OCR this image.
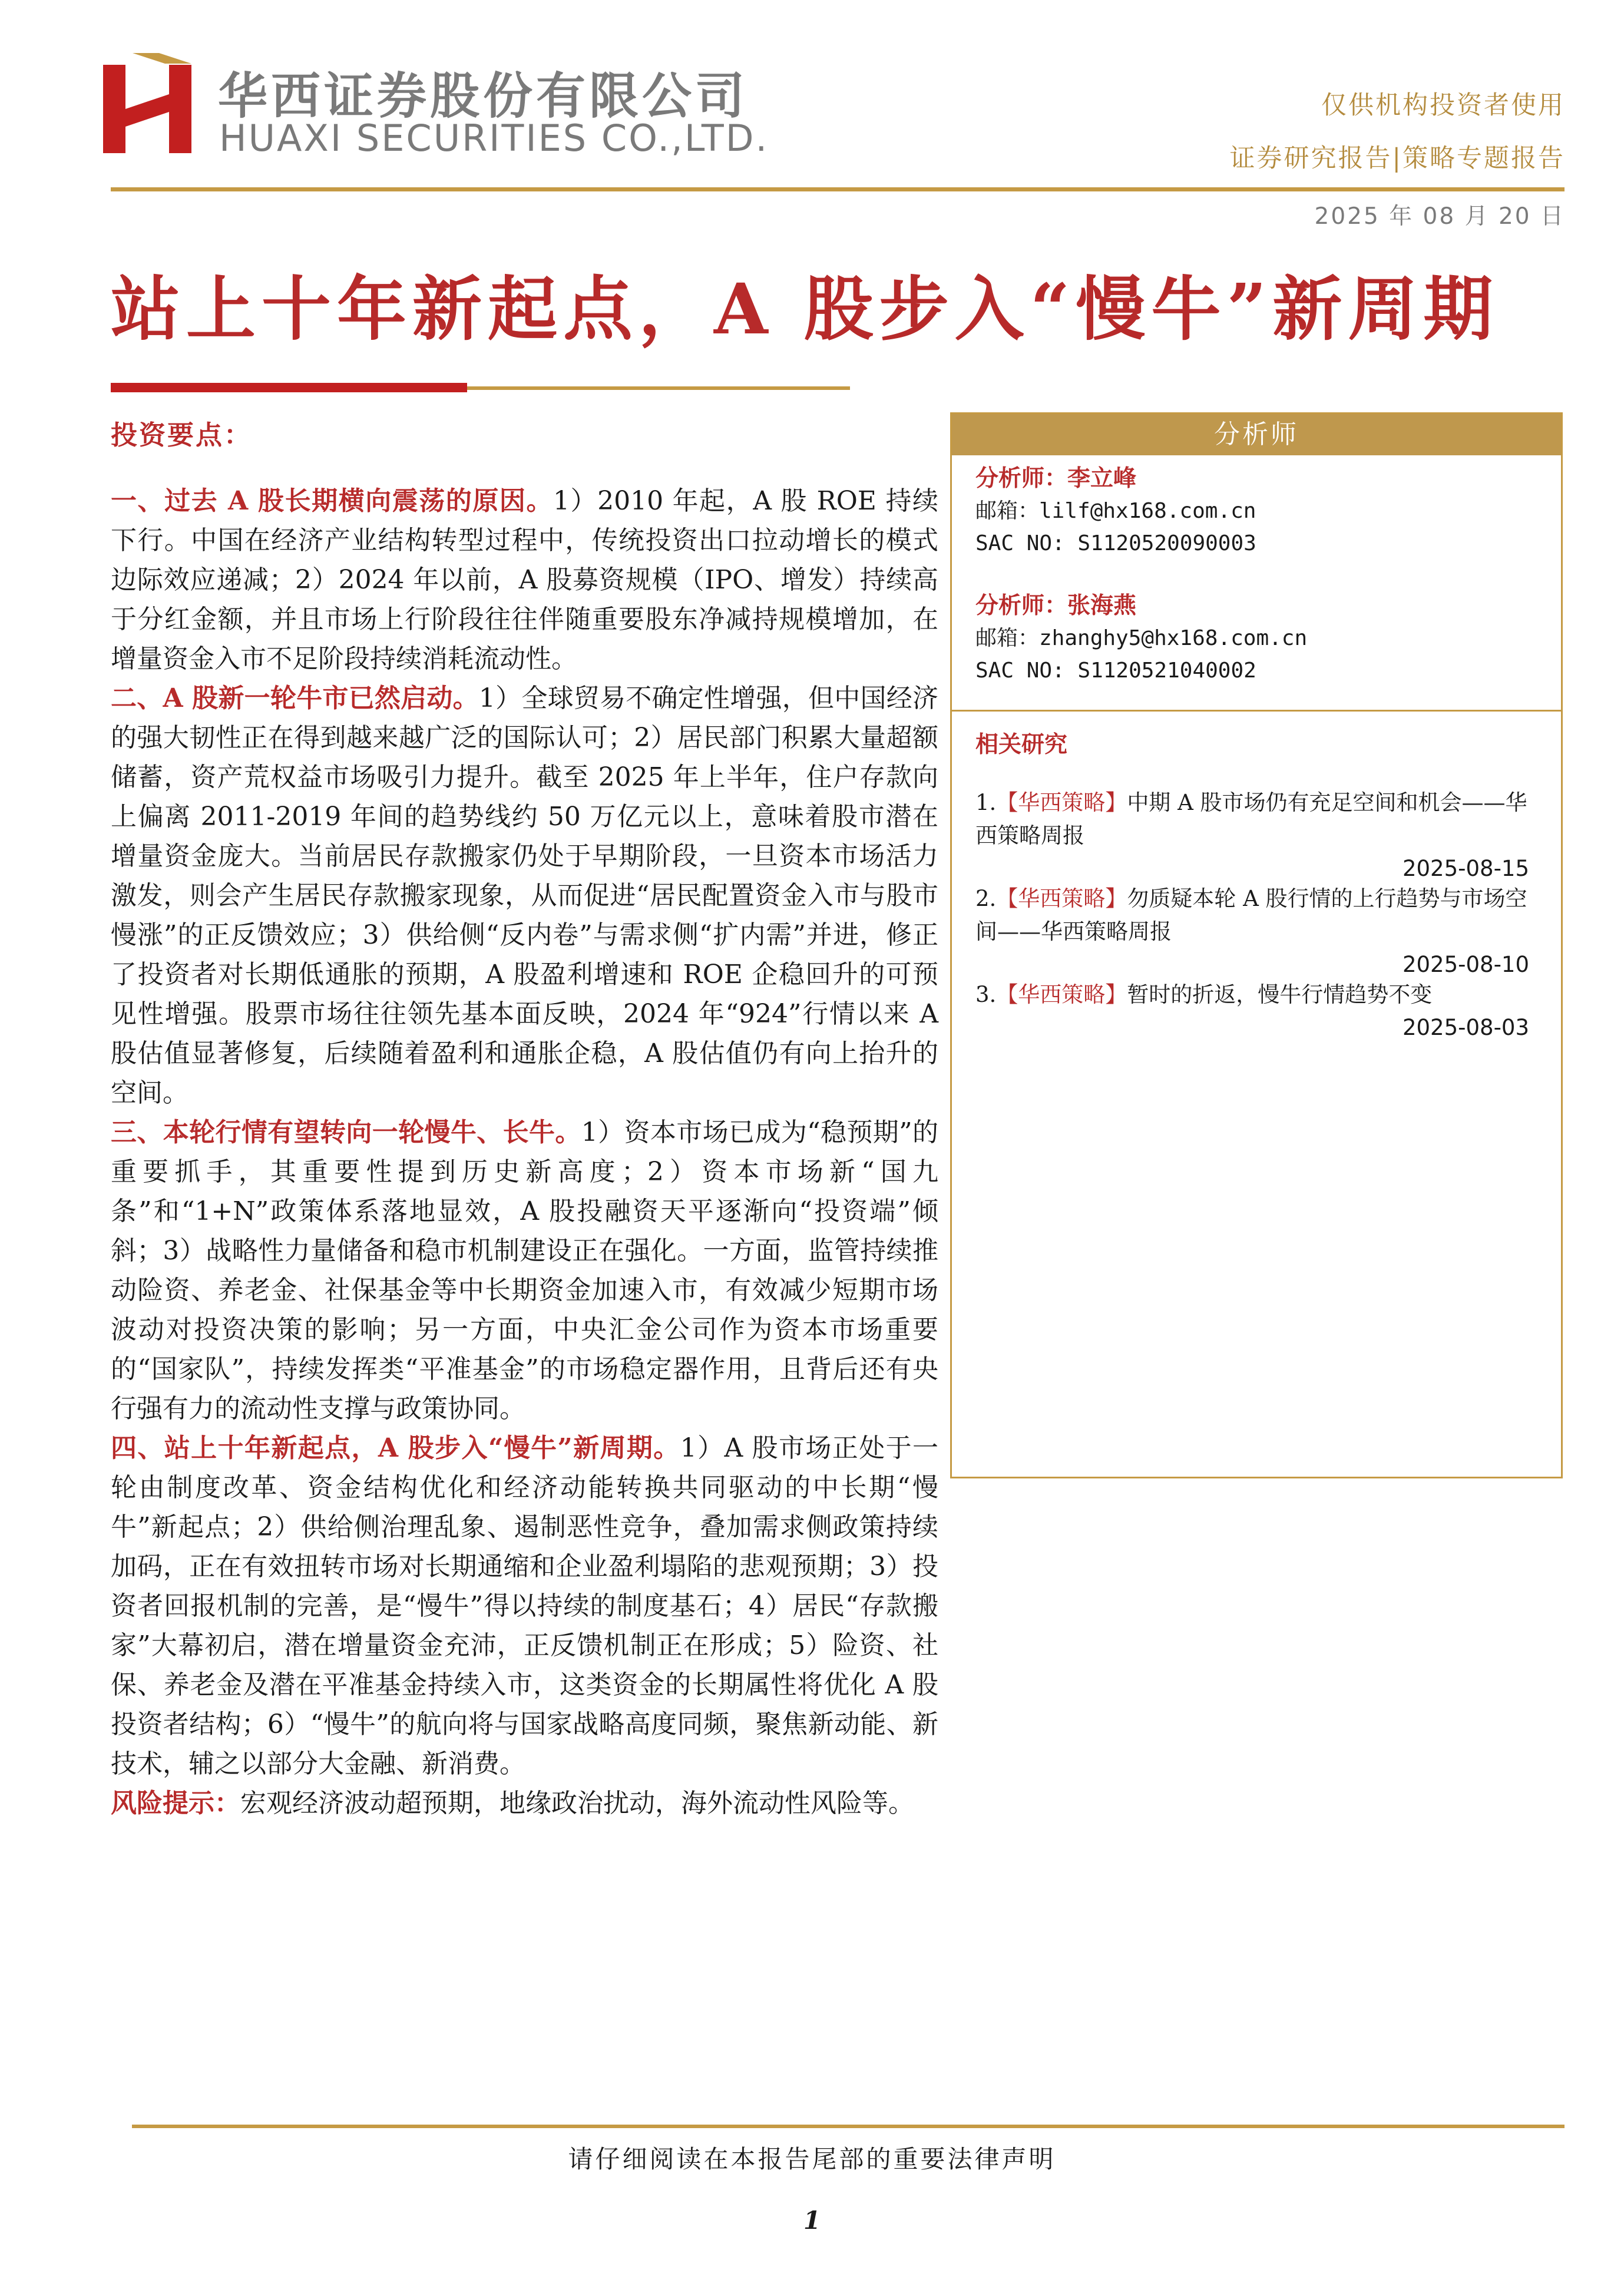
华西证券股份有限公司
HUAXI SECURITIES CO.,LTD.
仅供机构投资者使用
证券研究报告|策略专题报告
2025 年 08 月 20 日
站上十年新起点，A 股步入“慢牛”新周期
投资要点：

一、过去 A 股长期横向震荡的原因。1）2010 年起，A 股 ROE 持续下行。中国在经济产业结构转型过程中，传统投资出口拉动增长的模式边际效应递减；2）2024 年以前，A 股募资规模（IPO、增发）持续高于分红金额，并且市场上行阶段往往伴随重要股东净减持规模增加，在增量资金入市不足阶段持续消耗流动性。

二、A 股新一轮牛市已然启动。1）全球贸易不确定性增强，但中国经济的强大韧性正在得到越来越广泛的国际认可；2）居民部门积累大量超额储蓄，资产荒权益市场吸引力提升。截至 2025 年上半年，住户存款向上偏离 2011-2019 年间的趋势线约 50 万亿元以上，意味着股市潜在增量资金庞大。当前居民存款搬家仍处于早期阶段，一旦资本市场活力激发，则会产生居民存款搬家现象，从而促进“居民配置资金入市与股市慢涨”的正反馈效应；3）供给侧“反内卷”与需求侧“扩内需”并进，修正了投资者对长期低通胀的预期，A 股盈利增速和 ROE 企稳回升的可预见性增强。股票市场往往领先基本面反映，2024 年“924”行情以来 A 股估值显著修复，后续随着盈利和通胀企稳，A 股估值仍有向上抬升的空间。

三、本轮行情有望转向一轮慢牛、长牛。1）资本市场已成为“稳预期”的重要抓手，其重要性提到历史新高度；2）资本市场新“国九条”和“1+N”政策体系落地显效，A 股投融资天平逐渐向“投资端”倾斜；3）战略性力量储备和稳市机制建设正在强化。一方面，监管持续推动险资、养老金、社保基金等中长期资金加速入市，有效减少短期市场波动对投资决策的影响；另一方面，中央汇金公司作为资本市场重要的“国家队”，持续发挥类“平准基金”的市场稳定器作用，且背后还有央行强有力的流动性支撑与政策协同。

四、站上十年新起点，A 股步入“慢牛”新周期。1）A 股市场正处于一轮由制度改革、资金结构优化和经济动能转换共同驱动的中长期“慢牛”新起点；2）供给侧治理乱象、遏制恶性竞争，叠加需求侧政策持续加码，正在有效扭转市场对长期通缩和企业盈利塌陷的悲观预期；3）投资者回报机制的完善，是“慢牛”得以持续的制度基石；4）居民“存款搬家”大幕初启，潜在增量资金充沛，正反馈机制正在形成；5）险资、社保、养老金及潜在平准基金持续入市，这类资金的长期属性将优化 A 股投资者结构；6）“慢牛”的航向将与国家战略高度同频，聚焦新动能、新技术，辅之以部分大金融、新消费。

风险提示：宏观经济波动超预期，地缘政治扰动，海外流动性风险等。

分析师
分析师：李立峰
邮箱：lilf@hx168.com.cn
SAC NO: S1120520090003
分析师：张海燕
邮箱：zhanghy5@hx168.com.cn
SAC NO: S1120521040002
相关研究
1.【华西策略】中期 A 股市场仍有充足空间和机会——华西策略周报
2025-08-15
2.【华西策略】勿质疑本轮 A 股行情的上行趋势与市场空间——华西策略周报
2025-08-10
3.【华西策略】暂时的折返，慢牛行情趋势不变
2025-08-03
请仔细阅读在本报告尾部的重要法律声明
1
